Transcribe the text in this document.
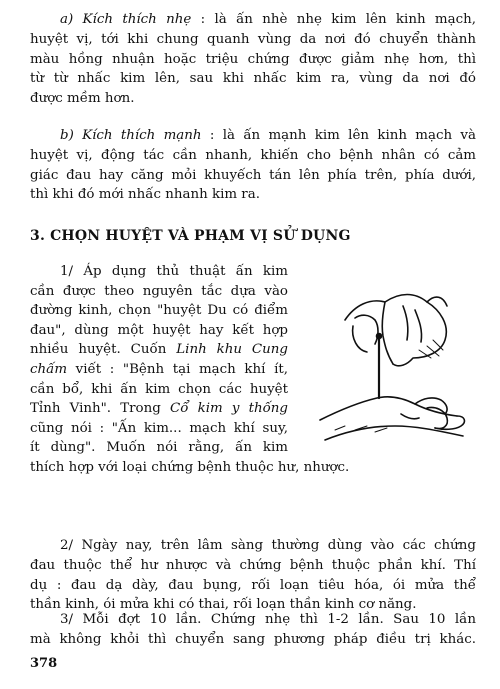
a) Kích thích nhẹ : là ấn nhè nhẹ kim lên kinh mạch,
huyệt vị, tới khi chung quanh vùng da nơi đó chuyển thành
màu hồng nhuận hoặc triệu chứng được giảm nhẹ hơn, thì
từ từ nhấc kim lên, sau khi nhấc kim ra, vùng da nơi đó
được mềm hơn.

b) Kích thích mạnh : là ấn mạnh kim lên kinh mạch và
huyệt vị, động tác cần nhanh, khiến cho bệnh nhân có cảm
giác đau hay căng mỏi khuyếch tán lên phía trên, phía dưới,
thì khi đó mới nhấc nhanh kim ra.

3. CHỌN HUYỆT VÀ PHẠM VỊ SỬ DỤNG

1/ Áp dụng thủ thuật ấn kim
cần được theo nguyên tắc dựa vào
đường kinh, chọn "huyệt Du có điểm
đau", dùng một huyệt hay kết hợp
nhiều huyệt. Cuốn Linh khu Cung
chấm viết : "Bệnh tại mạch khí ít,
cần bổ, khi ấn kim chọn các huyệt
Tỉnh Vinh". Trong Cổ kim y thống
cũng nói : "Ấn kim... mạch khí suy,
ít dùng". Muốn nói rằng, ấn kim
thích hợp với loại chứng bệnh thuộc hư, nhược.

2/ Ngày nay, trên lâm sàng thường dùng vào các chứng
đau thuộc thể hư nhược và chứng bệnh thuộc phần khí. Thí
dụ : đau dạ dày, đau bụng, rối loạn tiêu hóa, ói mửa thể
thần kinh, ói mửa khi có thai, rối loạn thần kinh cơ năng.

3/ Mỗi đợt 10 lần. Chứng nhẹ thì 1-2 lần. Sau 10 lần
mà không khỏi thì chuyển sang phương pháp điều trị khác.

378
